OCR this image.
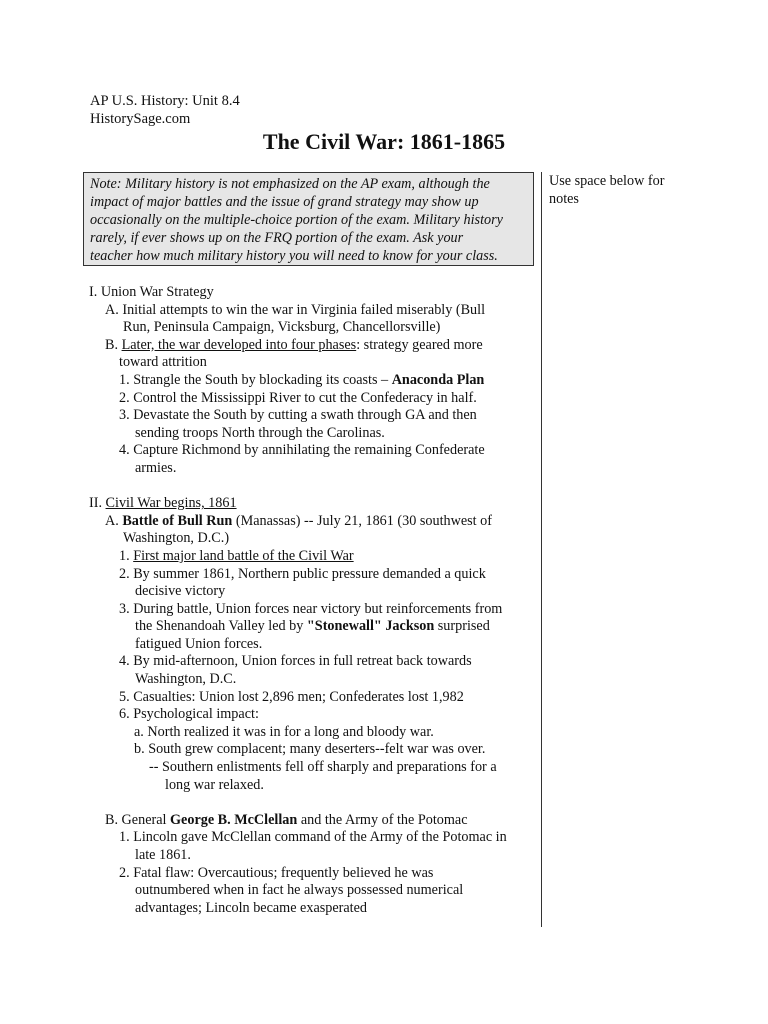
AP U.S. History: Unit 8.4
HistorySage.com
The Civil War: 1861-1865
Note: Military history is not emphasized on the AP exam, although the
impact of major battles and the issue of grand strategy may show up
occasionally on the multiple-choice portion of the exam. Military history
rarely, if ever shows up on the FRQ portion of the exam. Ask your
teacher how much military history you will need to know for your class.
Use space below for
notes
I. Union War Strategy
A. Initial attempts to win the war in Virginia failed miserably (Bull
Run, Peninsula Campaign, Vicksburg, Chancellorsville)
B. Later, the war developed into four phases: strategy geared more
toward attrition
1. Strangle the South by blockading its coasts – Anaconda Plan
2. Control the Mississippi River to cut the Confederacy in half.
3. Devastate the South by cutting a swath through GA and then
sending troops North through the Carolinas.
4. Capture Richmond by annihilating the remaining Confederate
armies.
II. Civil War begins, 1861
A. Battle of Bull Run (Manassas) -- July 21, 1861 (30 southwest of
Washington, D.C.)
1. First major land battle of the Civil War
2. By summer 1861, Northern public pressure demanded a quick
decisive victory
3. During battle, Union forces near victory but reinforcements from
the Shenandoah Valley led by "Stonewall" Jackson surprised
fatigued Union forces.
4. By mid-afternoon, Union forces in full retreat back towards
Washington, D.C.
5. Casualties: Union lost 2,896 men; Confederates lost 1,982
6. Psychological impact:
a. North realized it was in for a long and bloody war.
b. South grew complacent; many deserters--felt war was over.
-- Southern enlistments fell off sharply and preparations for a
long war relaxed.
B. General George B. McClellan and the Army of the Potomac
1. Lincoln gave McClellan command of the Army of the Potomac in
late 1861.
2. Fatal flaw: Overcautious; frequently believed he was
outnumbered when in fact he always possessed numerical
advantages; Lincoln became exasperated
